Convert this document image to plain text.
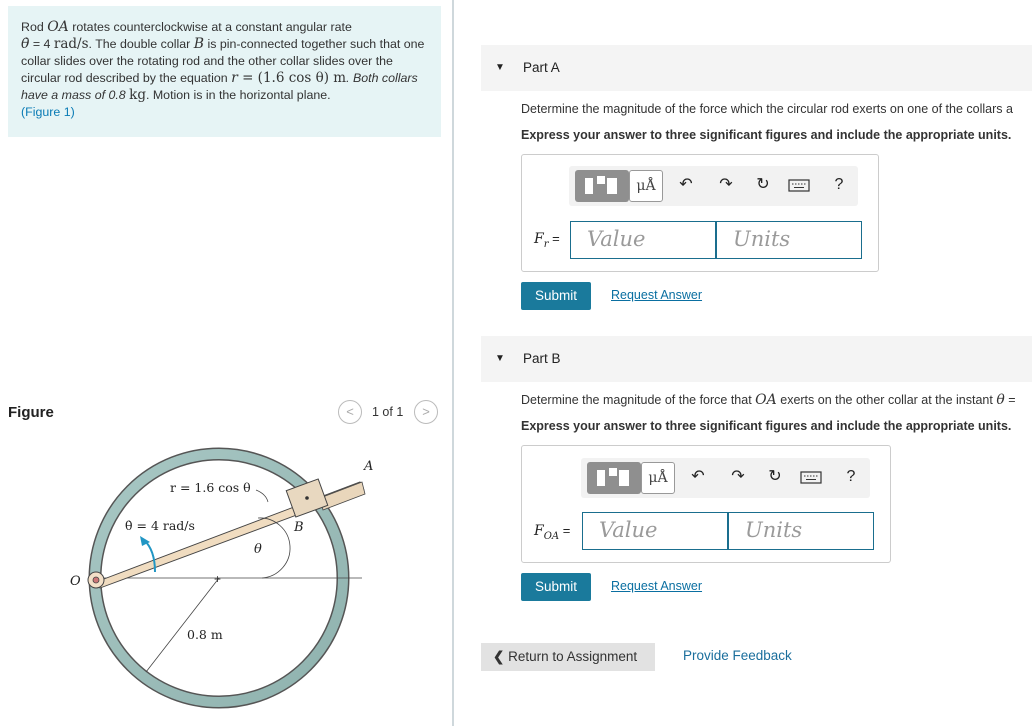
Rod OA rotates counterclockwise at a constant angular rate
θ̇ = 4 rad/s. The double collar B is pin-connected together such that one collar slides over the rotating rod and the other collar slides over the circular rod described by the equation r = (1.6 cos θ) m. Both collars have a mass of 0.8 kg. Motion is in the horizontal plane.
(Figure 1)
Figure	<	1 of 1	>
+
r = 1.6 cos θ
θ̇ = 4 rad/s
A
B
θ
O
0.8 m
▼ Part A
Determine the magnitude of the force which the circular rod exerts on one of the collars a
Express your answer to three significant figures and include the appropriate units.
μÅ	↶ ↷ ↻	?
$F_r$ =	Value	Units
Submit	Request Answer
▼ Part B
Determine the magnitude of the force that OA exerts on the other collar at the instant θ =
Express your answer to three significant figures and include the appropriate units.
μÅ	↶ ↷ ↻	?
$F_{OA}$ =	Value	Units
Submit	Request Answer
❮ Return to Assignment	Provide Feedback
